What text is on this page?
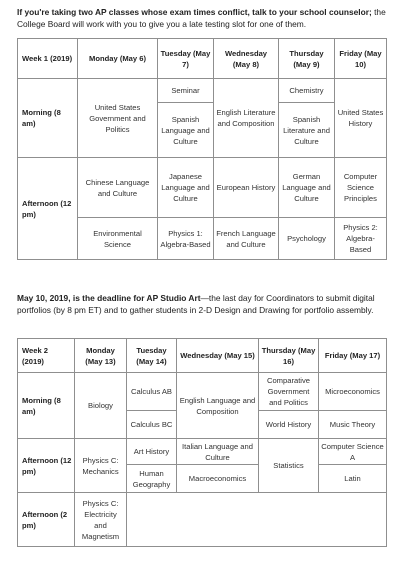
If you're taking two AP classes whose exam times conflict, talk to your school counselor; the College Board will work with you to give you a late testing slot for one of them.

Week 1 (2019)	Monday (May 6)	Tuesday (May 7)	Wednesday (May 8)	Thursday (May 9)	Friday (May 10)
Morning (8 am)	United States Government and Politics	Seminar	English Literature and Composition	Chemistry	United States History
		Spanish Language and Culture		Spanish Literature and Culture	
Afternoon (12 pm)	Chinese Language and Culture	Japanese Language and Culture	European History	German Language and Culture	Computer Science Principles
	Environmental Science	Physics 1: Algebra-Based	French Language and Culture	Psychology	Physics 2: Algebra-Based

May 10, 2019, is the deadline for AP Studio Art—the last day for Coordinators to submit digital portfolios (by 8 pm ET) and to gather students in 2-D Design and Drawing for portfolio assembly.

Week 2 (2019)	Monday (May 13)	Tuesday (May 14)	Wednesday (May 15)	Thursday (May 16)	Friday (May 17)
Morning (8 am)	Biology	Calculus AB	English Language and Composition	Comparative Government and Politics	Microeconomics
		Calculus BC		World History	Music Theory
Afternoon (12 pm)	Physics C: Mechanics	Art History	Italian Language and Culture	Statistics	Computer Science A
		Human Geography	Macroeconomics		Latin
Afternoon (2 pm)	Physics C: Electricity and Magnetism				
